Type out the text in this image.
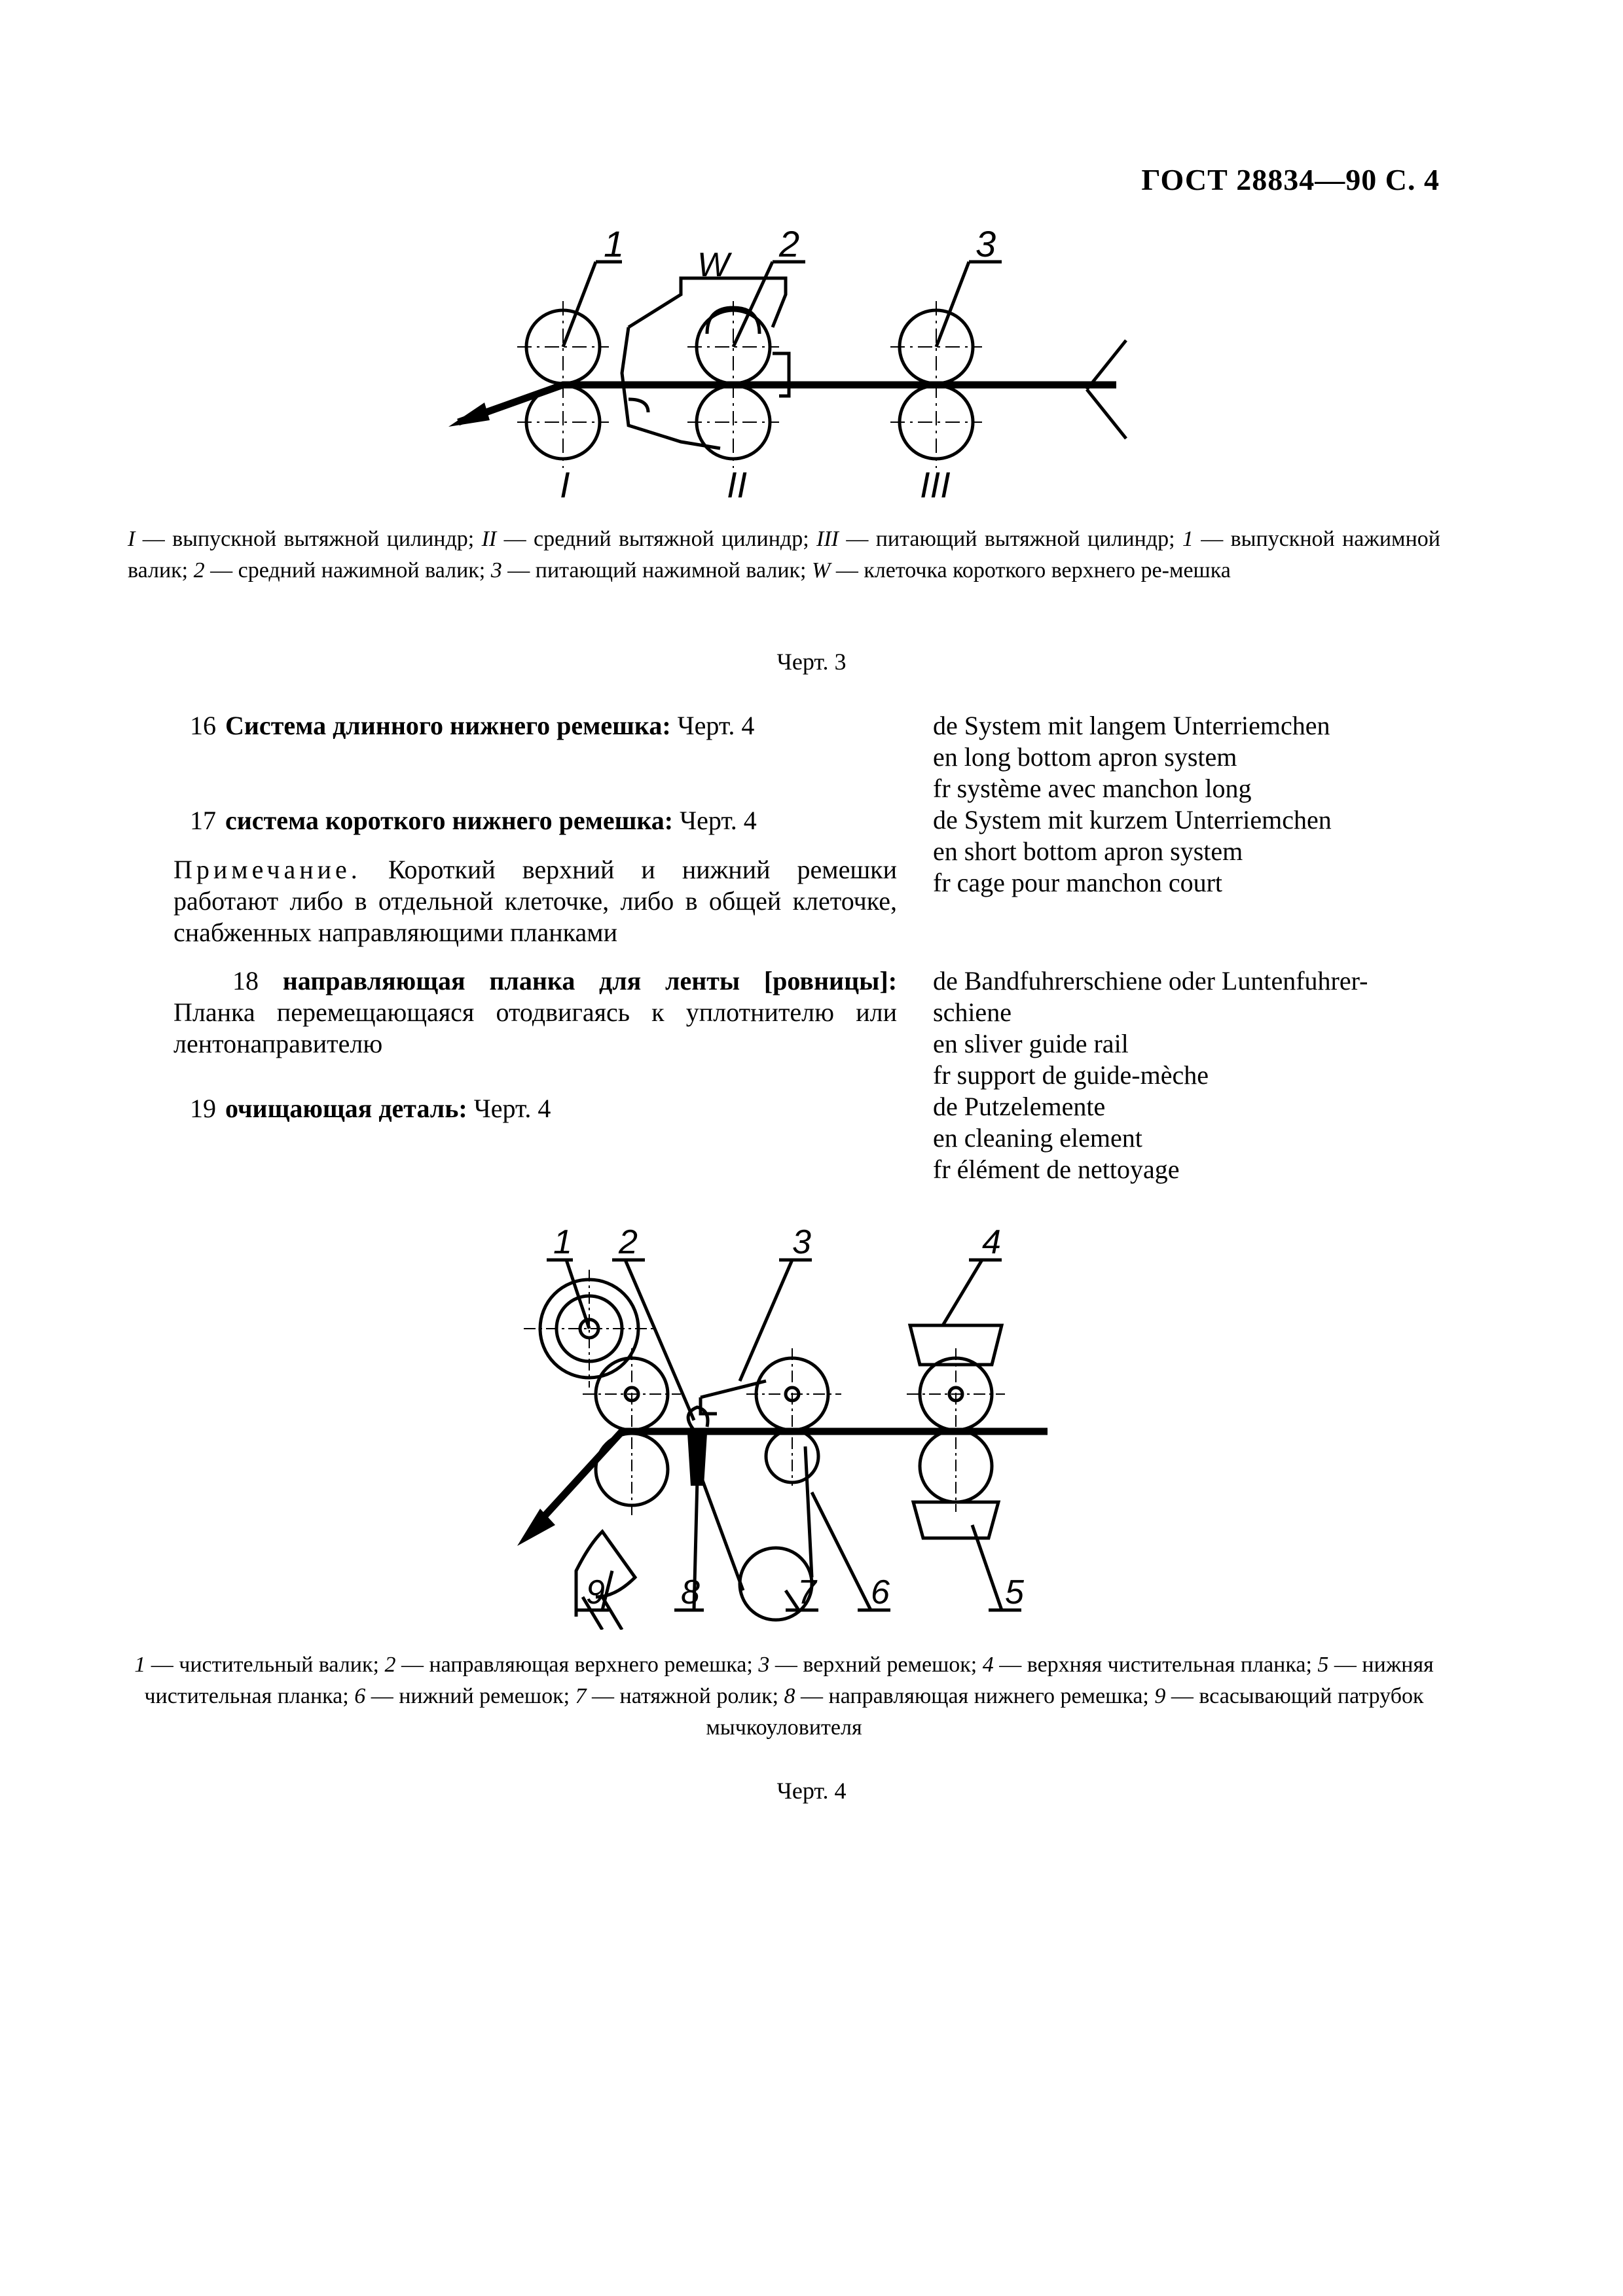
ГОСТ 28834—90 С. 4
1
W
2	3
I	II	III
I — выпускной вытяжной цилиндр; II — средний вытяжной цилиндр; III — питающий вытяжной цилиндр; 1 — выпускной нажимной валик; 2 — средний нажимной валик; 3 — питающий нажимной валик; W — клеточка короткого верхнего ре-мешка
Черт. 3
16 Система длинного нижнего ремешка: Черт. 4
17 система короткого нижнего ремешка: Черт. 4
de System mit langem Unterriemchen
en long bottom apron system
fr système avec manchon long
de System mit kurzem Unterriemchen
en short bottom apron system
fr cage pour manchon court
Примечание. Короткий верхний и нижний ремешки работают либо в отдельной клеточке, либо в общей клеточке, снабженных направляющими планками
18 направляющая планка для ленты [ровницы]: Планка перемещающаяся отодвигаясь к уплотнителю или лентонаправителю
de Bandfuhrerschiene oder Luntenfuhrer-
schiene
en sliver guide rail
fr support de guide-mèche
de Putzelemente
en cleaning element
fr élément de nettoyage
19 очищающая деталь: Черт. 4
1 2	3	4
5
6
7
8
9
1 — чистительный валик; 2 — направляющая верхнего ремешка; 3 — верхний ремешок; 4 — верхняя чистительная планка; 5 — нижняя чистительная планка; 6 — нижний ремешок; 7 — натяжной ролик; 8 — направляющая нижнего ремешка; 9 — всасывающий патрубок мычкоуловителя
Черт. 4
